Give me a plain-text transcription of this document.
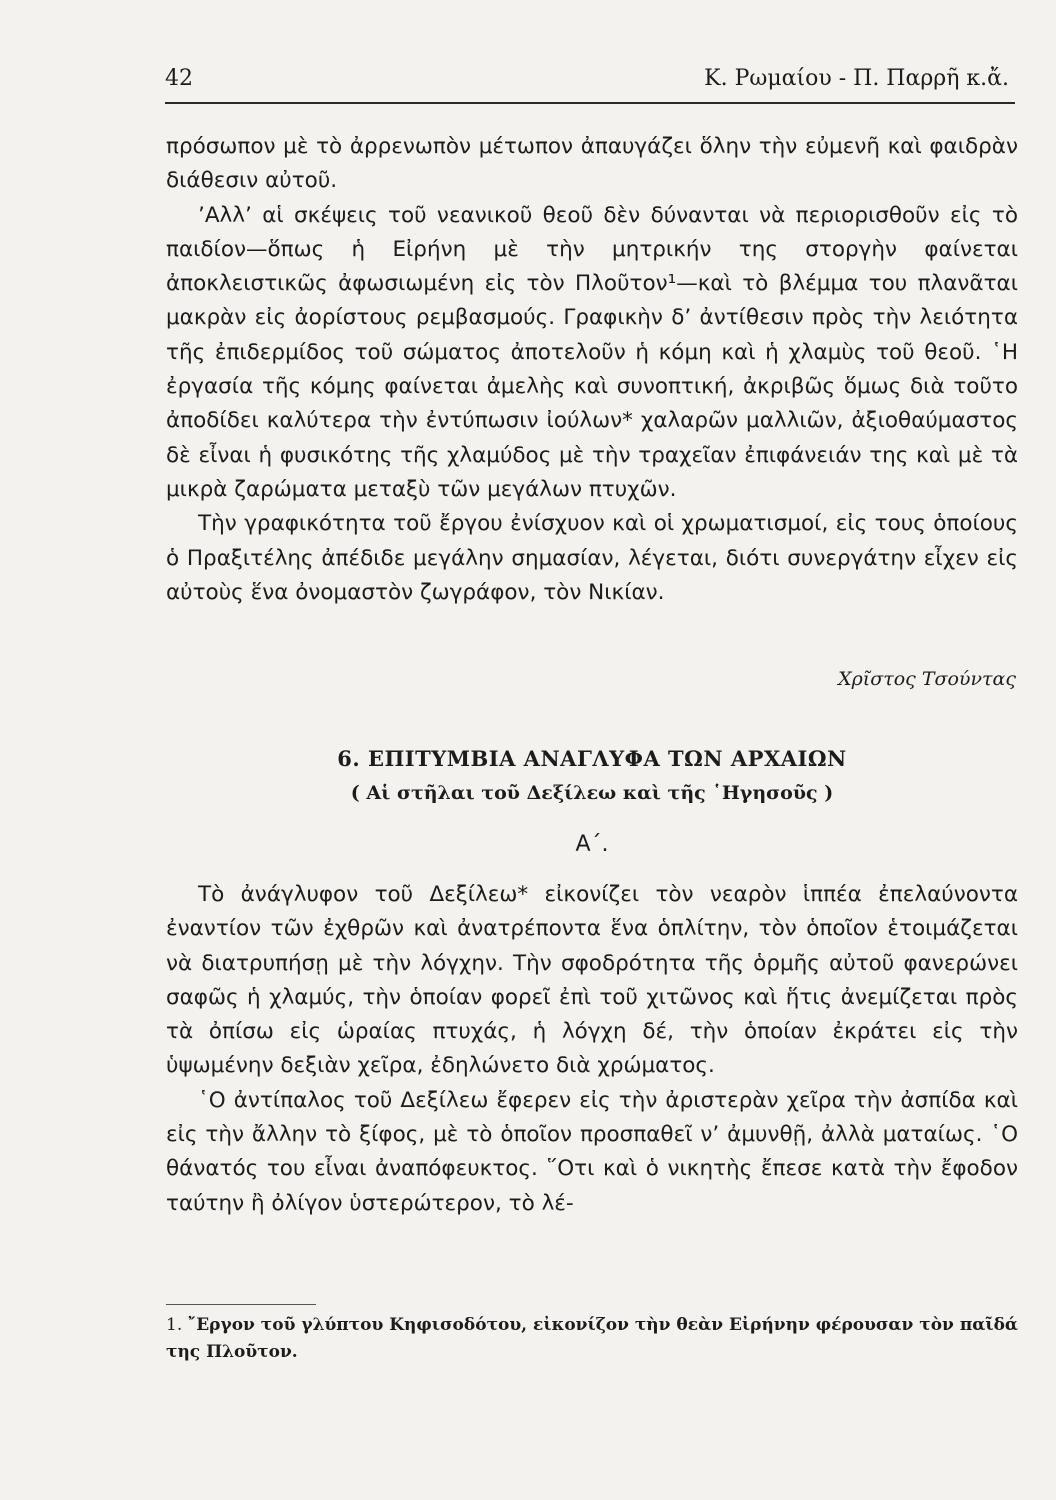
42	Κ. Ρωμαίου - Π. Παρρῆ κ.ἄ.

πρόσωπον μὲ τὸ ἀρρενωπὸν μέτωπον ἀπαυγάζει ὅλην τὴν εὐμενῆ καὶ φαιδρὰν διάθεσιν αὐτοῦ.

’Αλλ’ αἱ σκέψεις τοῦ νεανικοῦ θεοῦ δὲν δύνανται νὰ περιορισθοῦν εἰς τὸ παιδίον—ὅπως ἡ Εἰρήνη μὲ τὴν μητρικήν της στοργὴν φαίνεται ἀποκλειστικῶς ἀφωσιωμένη εἰς τὸν Πλοῦτον¹—καὶ τὸ βλέμμα του πλανᾶται μακρὰν εἰς ἀορίστους ρεμβασμούς. Γραφικὴν δ’ ἀντίθεσιν πρὸς τὴν λειότητα τῆς ἐπιδερμίδος τοῦ σώματος ἀποτελοῦν ἡ κόμη καὶ ἡ χλαμὺς τοῦ θεοῦ. ῾Η ἐργασία τῆς κόμης φαίνεται ἀμελὴς καὶ συνοπτική, ἀκριβῶς ὅμως διὰ τοῦτο ἀποδίδει καλύτερα τὴν ἐντύπωσιν ἰούλων* χαλαρῶν μαλλιῶν, ἀξιοθαύμαστος δὲ εἶναι ἡ φυσικότης τῆς χλαμύδος μὲ τὴν τραχεῖαν ἐπιφάνειάν της καὶ μὲ τὰ μικρὰ ζαρώματα μεταξὺ τῶν μεγάλων πτυχῶν.

Τὴν γραφικότητα τοῦ ἔργου ἐνίσχυον καὶ οἱ χρωματισμοί, εἰς τους ὁποίους ὁ Πραξιτέλης ἀπέδιδε μεγάλην σημασίαν, λέγεται, διότι συνεργάτην εἶχεν εἰς αὐτοὺς ἕνα ὀνομαστὸν ζωγράφον, τὸν Νικίαν.

Χρῖστος Τσούντας
6. ΕΠΙΤΥΜΒΙΑ ΑΝΑΓΛΥΦΑ ΤΩΝ ΑΡΧΑΙΩΝ
( Αἱ στῆλαι τοῦ Δεξίλεω καὶ τῆς ῾Ηγησοῦς )
Α΄.

Τὸ ἀνάγλυφον τοῦ Δεξίλεω* εἰκονίζει τὸν νεαρὸν ἱππέα ἐπελαύνοντα ἐναντίον τῶν ἐχθρῶν καὶ ἀνατρέποντα ἕνα ὁπλίτην, τὸν ὁποῖον ἑτοιμάζεται νὰ διατρυπήσῃ μὲ τὴν λόγχην. Τὴν σφοδρότητα τῆς ὁρμῆς αὐτοῦ φανερώνει σαφῶς ἡ χλαμύς, τὴν ὁποίαν φορεῖ ἐπὶ τοῦ χιτῶνος καὶ ἥτις ἀνεμίζεται πρὸς τὰ ὀπίσω εἰς ὡραίας πτυχάς, ἡ λόγχη δέ, τὴν ὁποίαν ἐκράτει εἰς τὴν ὑψωμένην δεξιὰν χεῖρα, ἐδηλώνετο διὰ χρώματος.

῾Ο ἀντίπαλος τοῦ Δεξίλεω ἔφερεν εἰς τὴν ἀριστερὰν χεῖρα τὴν ἀσπίδα καὶ εἰς τὴν ἄλλην τὸ ξίφος, μὲ τὸ ὁποῖον προσπαθεῖ ν’ ἀμυνθῇ, ἀλλὰ ματαίως. ῾Ο θάνατός του εἶναι ἀναπόφευκτος. ῞Οτι καὶ ὁ νικητὴς ἔπεσε κατὰ τὴν ἔφοδον ταύτην ἢ ὀλίγον ὑστερώτερον, τὸ λέ-

1. ῎Εργον τοῦ γλύπτου Κηφισοδότου, εἰκονίζον τὴν θεὰν Εἰρήνην φέρουσαν τὸν παῖδά της Πλοῦτον.
